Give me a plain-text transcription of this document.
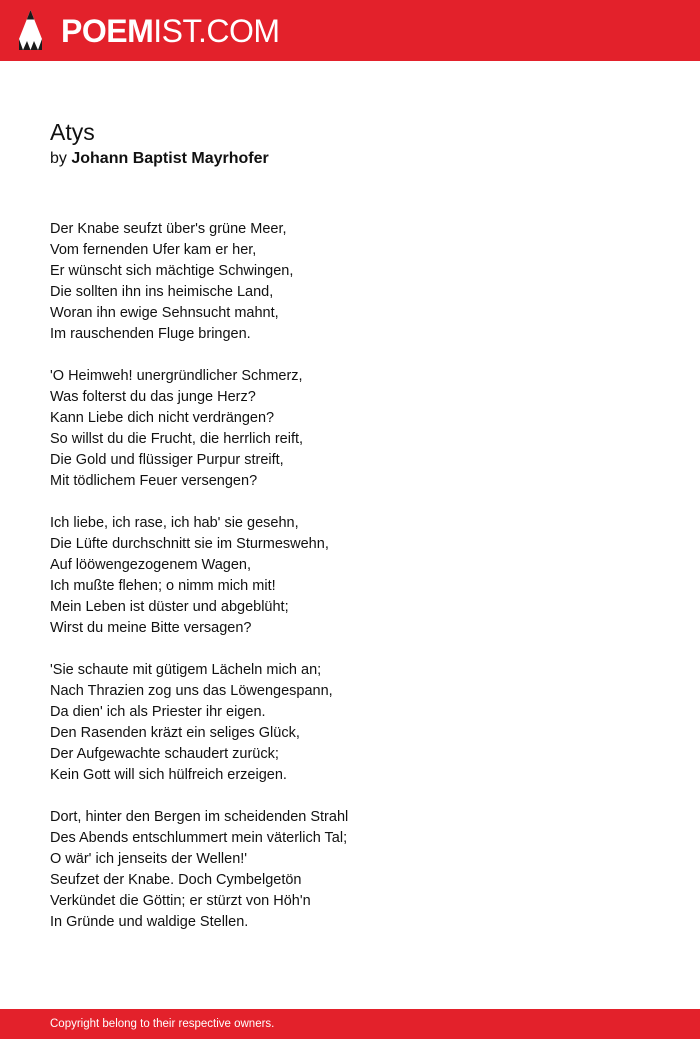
POEMIST.COM
Atys
by Johann Baptist Mayrhofer
Der Knabe seufzt über's grüne Meer,
Vom fernenden Ufer kam er her,
Er wünscht sich mächtige Schwingen,
Die sollten ihn ins heimische Land,
Woran ihn ewige Sehnsucht mahnt,
Im rauschenden Fluge bringen.
'O Heimweh! unergründlicher Schmerz,
Was folterst du das junge Herz?
Kann Liebe dich nicht verdrängen?
So willst du die Frucht, die herrlich reift,
Die Gold und flüssiger Purpur streift,
Mit tödlichem Feuer versengen?
Ich liebe, ich rase, ich hab' sie gesehn,
Die Lüfte durchschnitt sie im Sturmeswehn,
Auf lööwengezogenem Wagen,
Ich mußte flehen; o nimm mich mit!
Mein Leben ist düster und abgeblüht;
Wirst du meine Bitte versagen?
'Sie schaute mit gütigem Lächeln mich an;
Nach Thrazien zog uns das Löwengespann,
Da dien' ich als Priester ihr eigen.
Den Rasenden kräzt ein seliges Glück,
Der Aufgewachte schaudert zurück;
Kein Gott will sich hülfreich erzeigen.
Dort, hinter den Bergen im scheidenden Strahl
Des Abends entschlummert mein väterlich Tal;
O wär' ich jenseits der Wellen!'
Seufzet der Knabe. Doch Cymbelgetön
Verkündet die Göttin; er stürzt von Höh'n
In Gründe und waldige Stellen.
Copyright belong to their respective owners.
